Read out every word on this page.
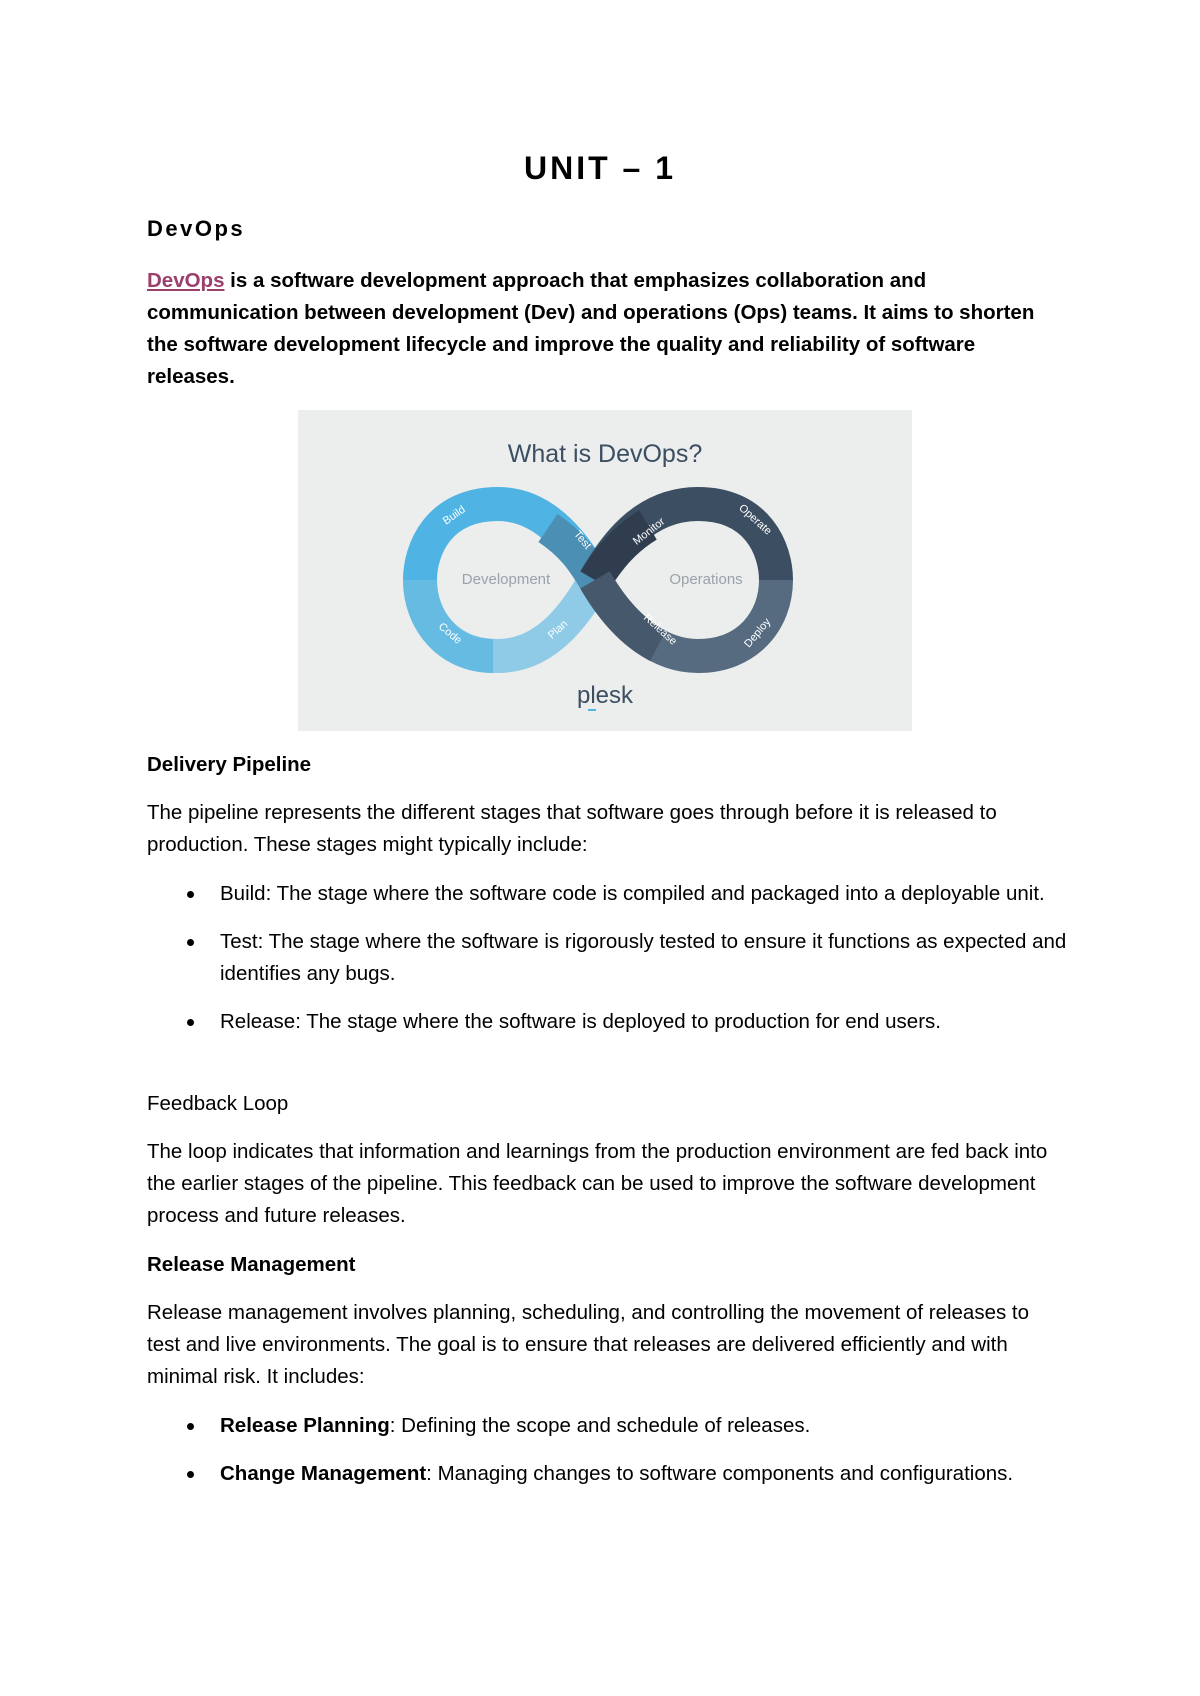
UNIT – 1
DevOps

DevOps is a software development approach that emphasizes collaboration and communication between development (Dev) and operations (Ops) teams. It aims to shorten the software development lifecycle and improve the quality and reliability of software releases.

What is DevOps?
Development	Operations
Build
Test	Monitor	Operate
Code	Plan	Release	Deploy
plesk
Delivery Pipeline

The pipeline represents the different stages that software goes through before it is released to production. These stages might typically include:

Build: The stage where the software code is compiled and packaged into a deployable unit.
Test: The stage where the software is rigorously tested to ensure it functions as expected and identifies any bugs.
Release: The stage where the software is deployed to production for end users.
Feedback Loop

The loop indicates that information and learnings from the production environment are fed back into the earlier stages of the pipeline. This feedback can be used to improve the software development process and future releases.

Release Management

Release management involves planning, scheduling, and controlling the movement of releases to test and live environments. The goal is to ensure that releases are delivered efficiently and with minimal risk. It includes:

Release Planning: Defining the scope and schedule of releases.
Change Management: Managing changes to software components and configurations.
